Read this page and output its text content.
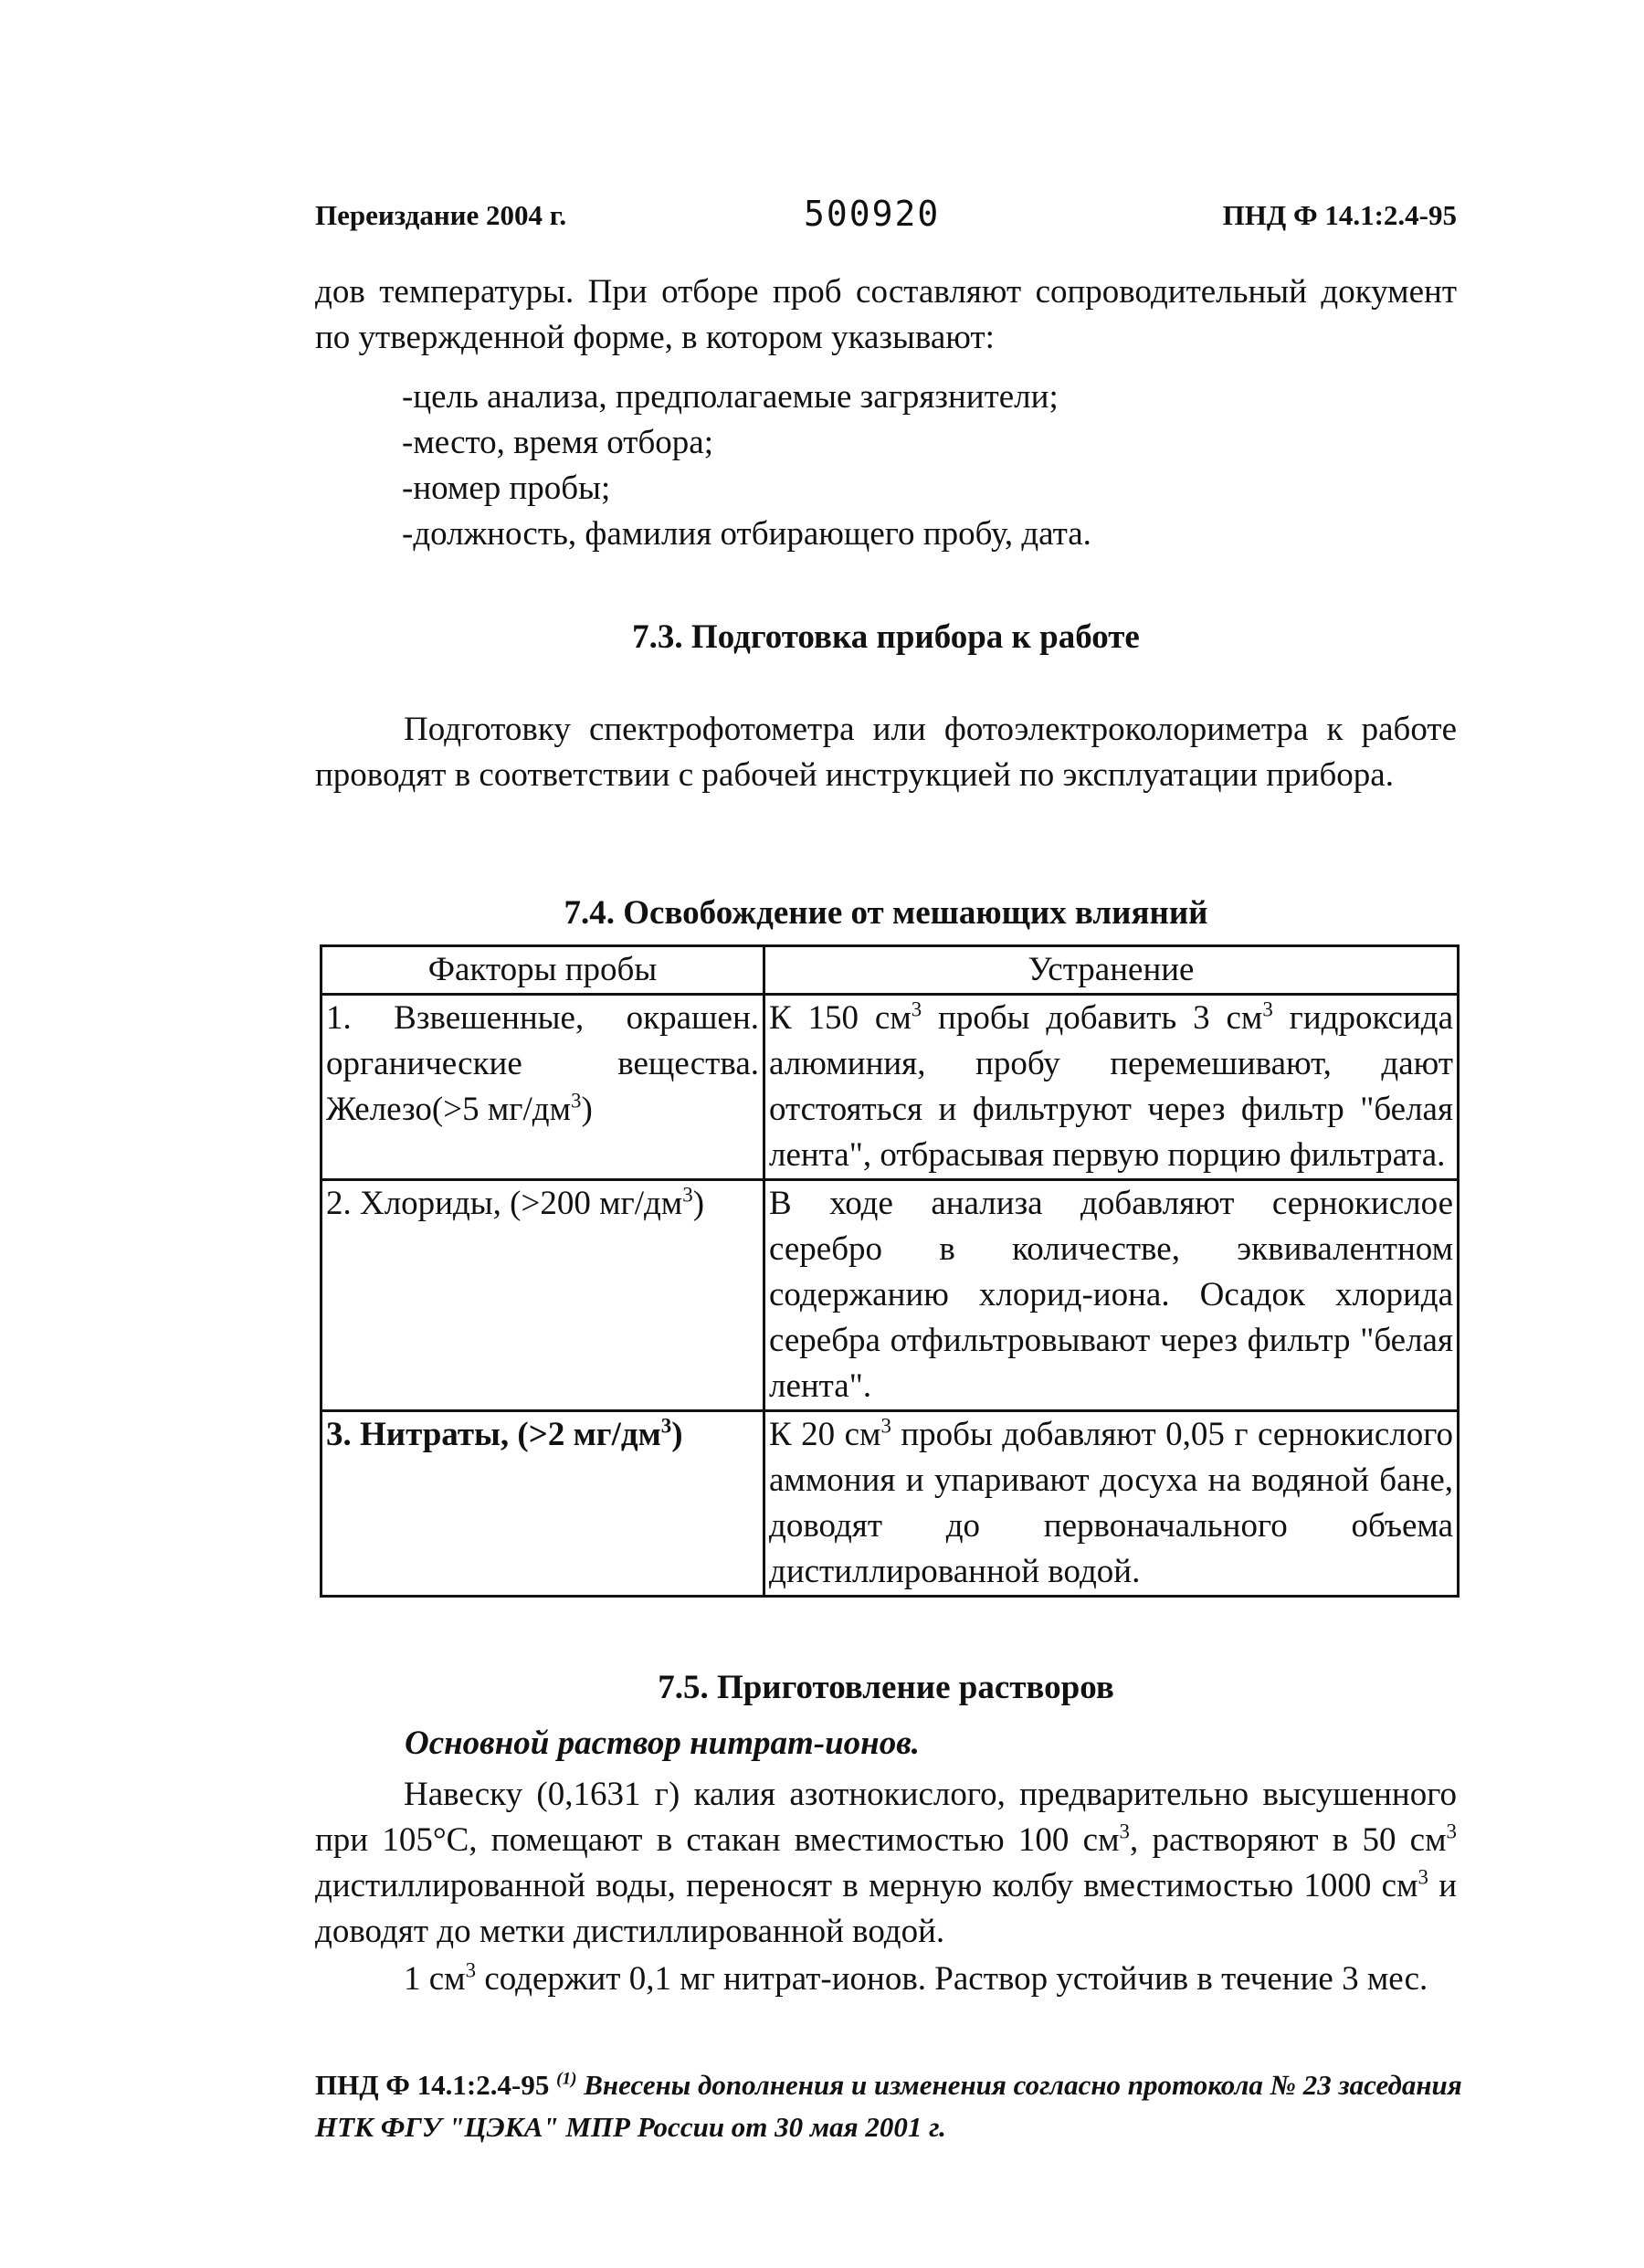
Переиздание 2004 г.	500920	ПНД Ф 14.1:2.4-95

дов температуры. При отборе проб составляют сопроводительный документ по утвержденной форме, в котором указывают:

-цель анализа, предполагаемые загрязнители;
-место, время отбора;
-номер пробы;
-должность, фамилия отбирающего пробу, дата.
7.3. Подготовка прибора к работе

Подготовку спектрофотометра или фотоэлектроколориметра к работе проводят в соответствии с рабочей инструкцией по эксплуатации прибора.

7.4. Освобождение от мешающих влияний
Факторы пробы	Устранение
1. Взвешенные, окрашен. органические вещества. Железо(>5 $мг/дм^3$)	К 150 $см^3$ пробы добавить 3 $см^3$ гидроксида алюминия, пробу перемешивают, дают отстояться и фильтруют через фильтр "белая лента", отбрасывая первую порцию фильтрата.
2. Хлориды, (>200 $мг/дм^3$)	В ходе анализа добавляют сернокислое серебро в количестве, эквивалентном содержанию хлорид-иона. Осадок хлорида серебра отфильтровывают через фильтр "белая лента".
3. Нитраты, (>2 $мг/дм^3$)	К 20 $см^3$ пробы добавляют 0,05 г сернокислого аммония и упаривают досуха на водяной бане, доводят до первоначального объема дистиллированной водой.
7.5. Приготовление растворов
Основной раствор нитрат-ионов.

Навеску (0,1631 г) калия азотнокислого, предварительно высушенного при 105°С, помещают в стакан вместимостью 100 $см^3$, растворяют в 50 $см^3$ дистиллированной воды, переносят в мерную колбу вместимостью 1000 $см^3$ и доводят до метки дистиллированной водой.

1 $см^3$ содержит 0,1 мг нитрат-ионов. Раствор устойчив в течение 3 мес.

ПНД Ф 14.1:2.4-95 $^{(1)}$ Внесены дополнения и изменения согласно протокола № 23 заседания НТК ФГУ "ЦЭКА" МПР России от 30 мая 2001 г.
